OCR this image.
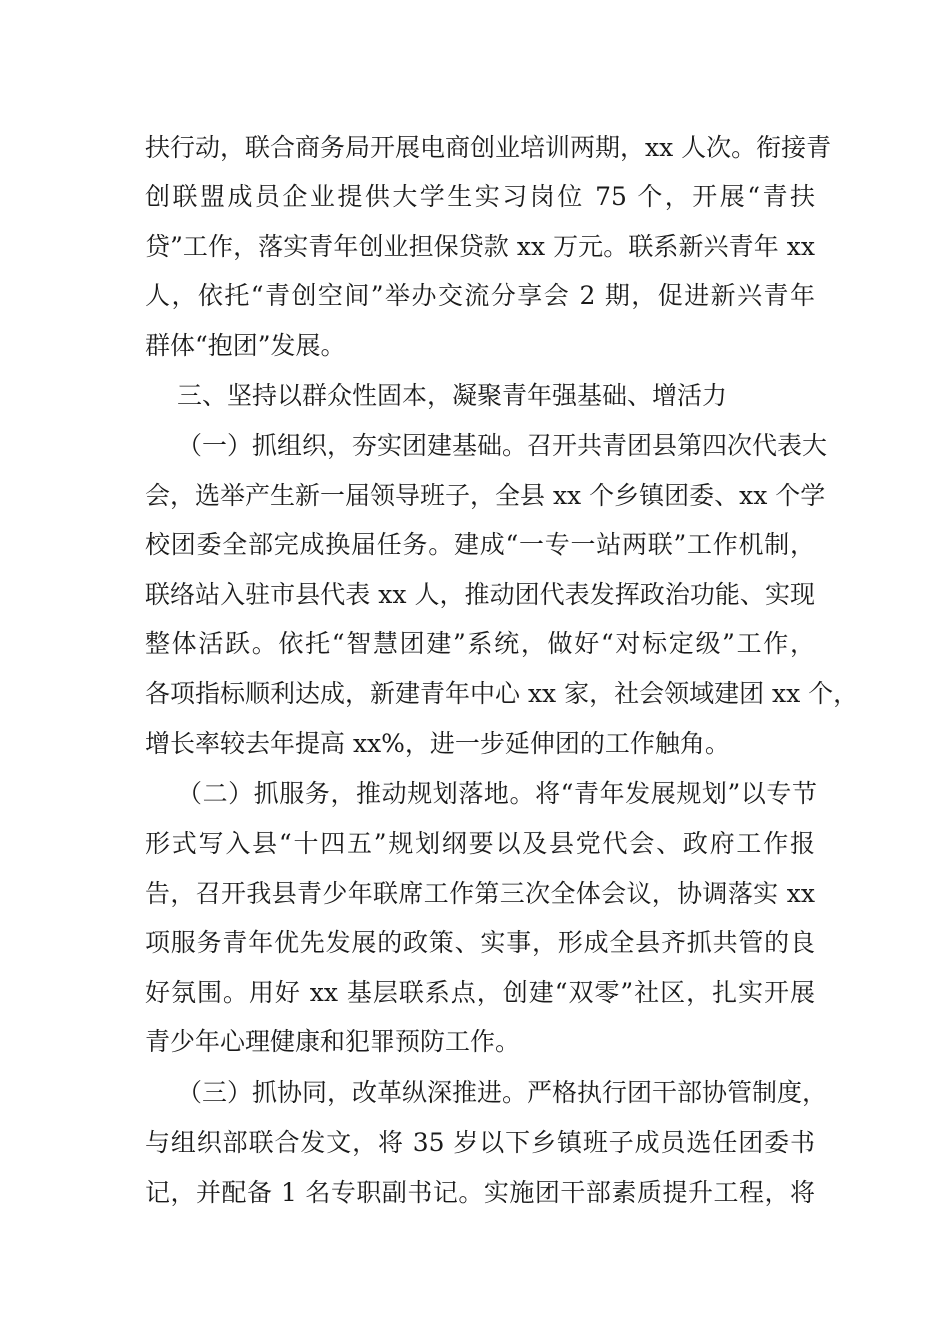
扶行动，联合商务局开展电商创业培训两期，xx 人次。衔接青
创联盟成员企业提供大学生实习岗位 75 个，开展“青扶
贷”工作，落实青年创业担保贷款 xx 万元。联系新兴青年 xx
人，依托“青创空间”举办交流分享会 2 期，促进新兴青年
群体“抱团”发展。
三、坚持以群众性固本，凝聚青年强基础、增活力
（一）抓组织，夯实团建基础。召开共青团县第四次代表大
会，选举产生新一届领导班子，全县 xx 个乡镇团委、xx 个学
校团委全部完成换届任务。建成“一专一站两联”工作机制，
联络站入驻市县代表 xx 人，推动团代表发挥政治功能、实现
整体活跃。依托“智慧团建”系统，做好“对标定级”工作，
各项指标顺利达成，新建青年中心 xx 家，社会领域建团 xx 个，
增长率较去年提高 xx%，进一步延伸团的工作触角。
（二）抓服务，推动规划落地。将“青年发展规划”以专节
形式写入县“十四五”规划纲要以及县党代会、政府工作报
告，召开我县青少年联席工作第三次全体会议，协调落实 xx
项服务青年优先发展的政策、实事，形成全县齐抓共管的良
好氛围。用好 xx 基层联系点，创建“双零”社区，扎实开展
青少年心理健康和犯罪预防工作。
（三）抓协同，改革纵深推进。严格执行团干部协管制度，
与组织部联合发文，将 35 岁以下乡镇班子成员选任团委书
记，并配备 1 名专职副书记。实施团干部素质提升工程，将
